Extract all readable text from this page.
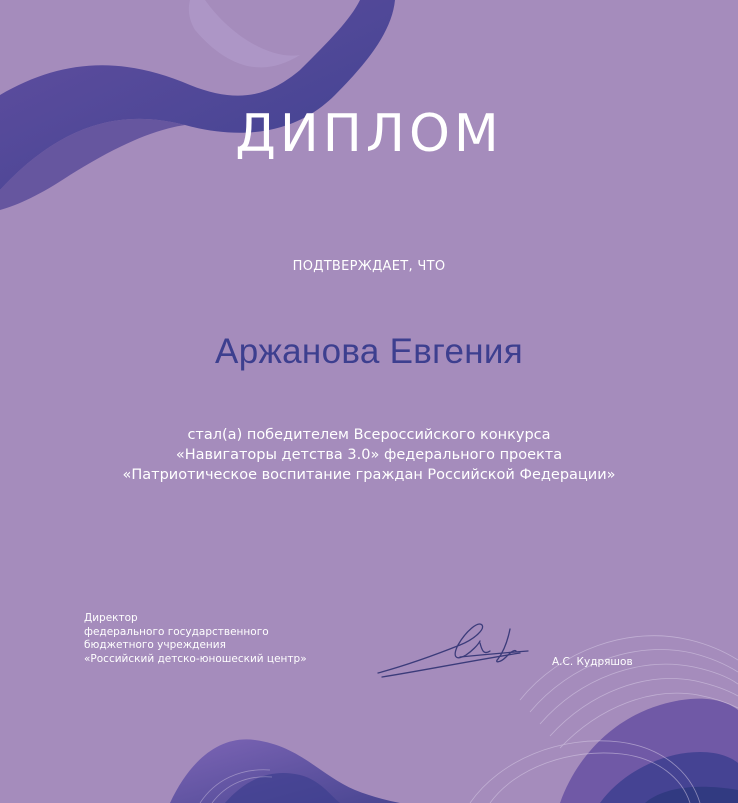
ДИПЛОМ
ПОДТВЕРЖДАЕТ, ЧТО
Аржанова Евгения
стал(а) победителем Всероссийского конкурса
«Навигаторы детства 3.0» федерального проекта
«Патриотическое воспитание граждан Российской Федерации»
Директор
федерального государственного
бюджетного учреждения
«Российский детско-юношеский центр»	А.С. Кудряшов
